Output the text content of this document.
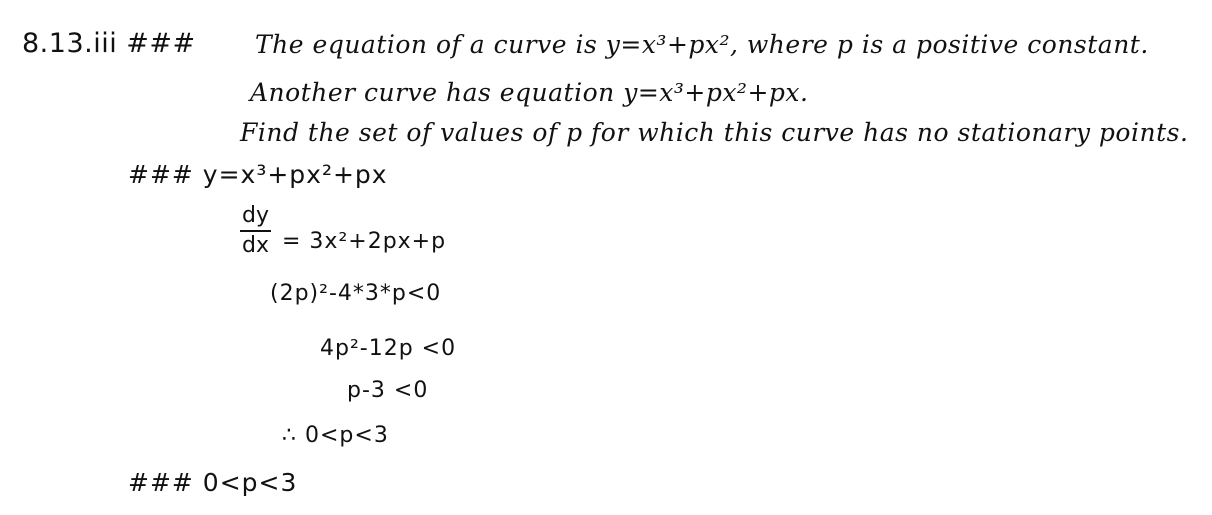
8.13.iii ### The equation of a curve is y=x³+px², where p is a positive constant.
Another curve has equation y=x³+px²+px.
Find the set of values of p for which this curve has no stationary points.
### y=x³+px²+px
$\frac{dy}{dx} = 3x^2+2px+p$
(2p)²-4*3*p<0
4p²-12p <0
p-3 <0
∴ 0<p<3
### 0<p<3
